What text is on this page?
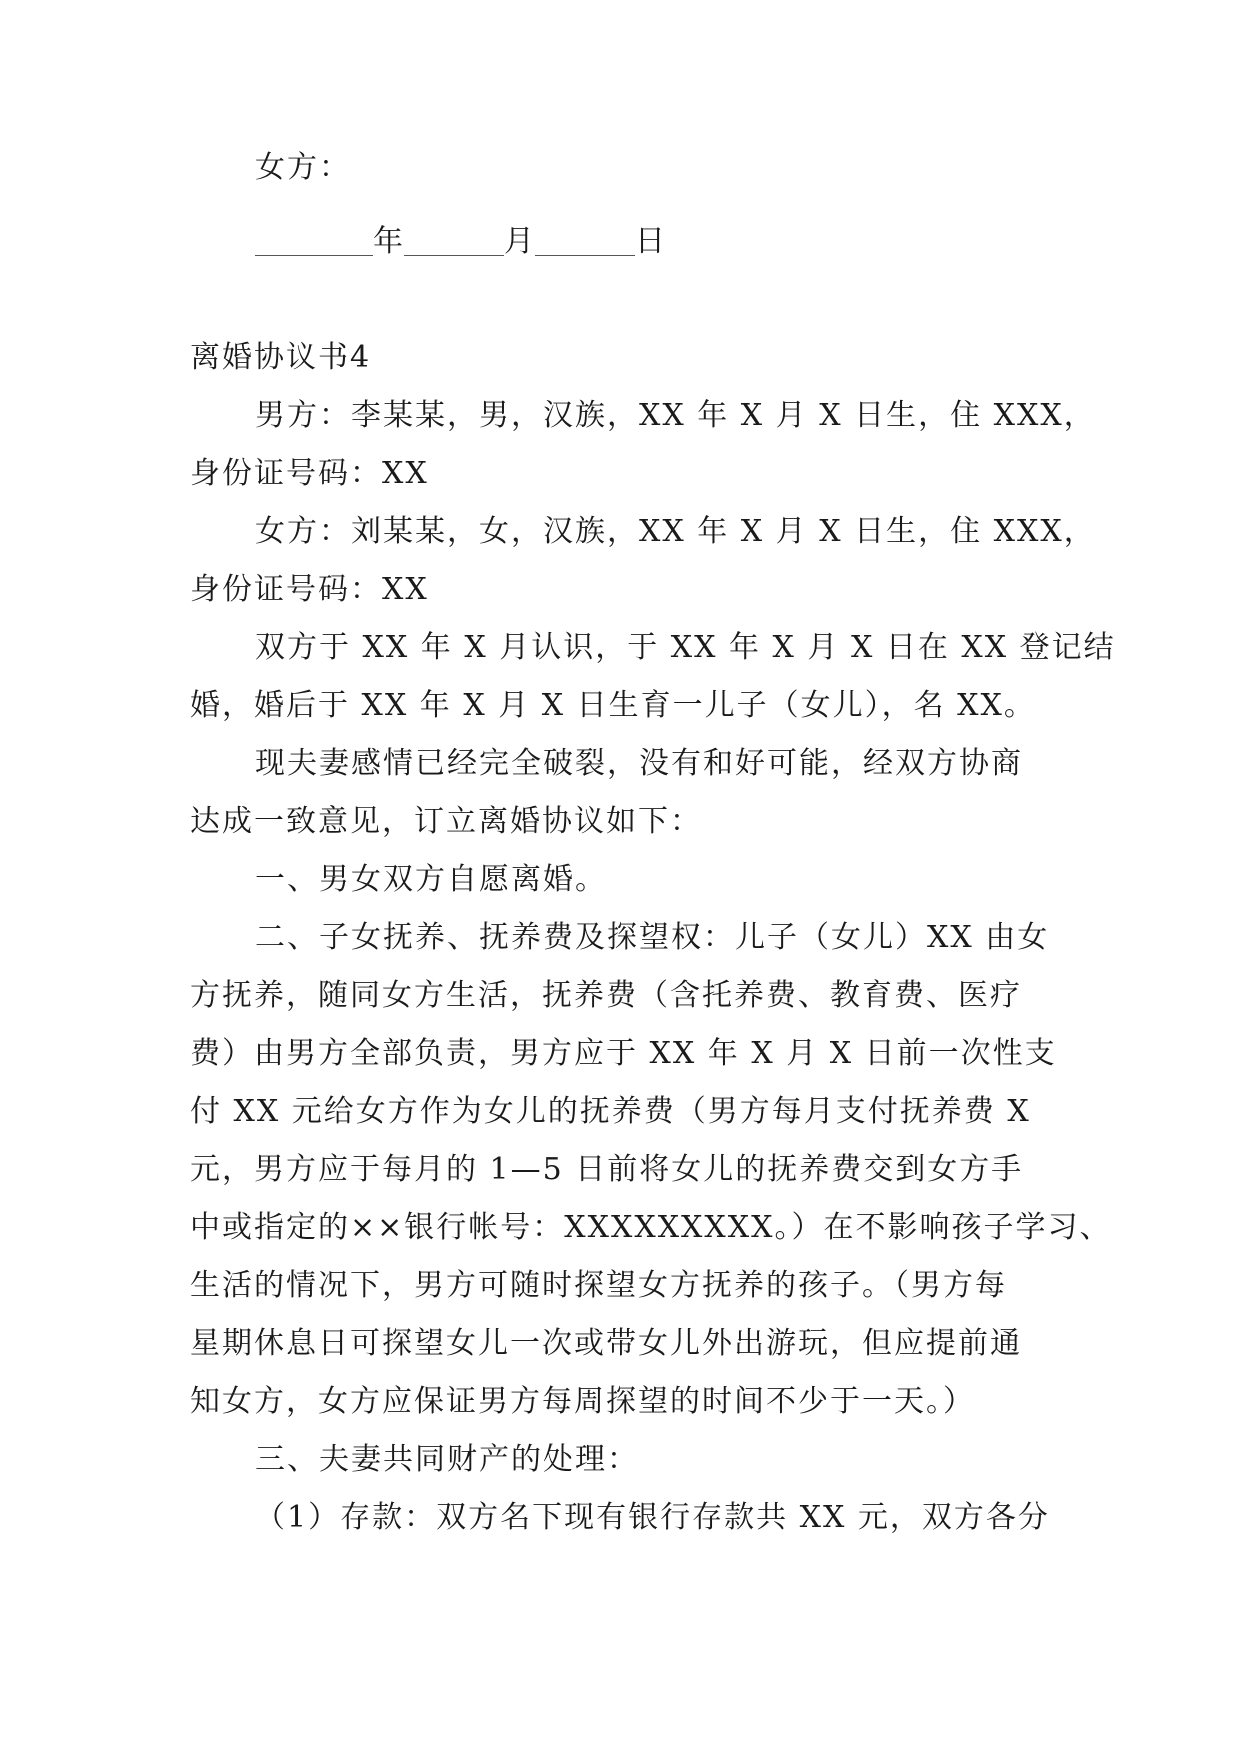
女方：
年	月	日
离婚协议书4
男方：李某某，男，汉族，XX 年 X 月 X 日生，住 XXX，
身份证号码：XX
女方：刘某某，女，汉族，XX 年 X 月 X 日生，住 XXX，
身份证号码：XX
双方于 XX 年 X 月认识，于 XX 年 X 月 X 日在 XX 登记结
婚，婚后于 XX 年 X 月 X 日生育一儿子（女儿），名 XX。
现夫妻感情已经完全破裂，没有和好可能，经双方协商
达成一致意见，订立离婚协议如下：
一、男女双方自愿离婚。
二、子女抚养、抚养费及探望权：儿子（女儿）XX 由女
方抚养，随同女方生活，抚养费（含托养费、教育费、医疗
费）由男方全部负责，男方应于 XX 年 X 月 X 日前一次性支
付 XX 元给女方作为女儿的抚养费（男方每月支付抚养费 X
元，男方应于每月的 1—5 日前将女儿的抚养费交到女方手
中或指定的××银行帐号：XXXXXXXXX。）在不影响孩子学习、
生活的情况下，男方可随时探望女方抚养的孩子。（男方每
星期休息日可探望女儿一次或带女儿外出游玩，但应提前通
知女方，女方应保证男方每周探望的时间不少于一天。）
三、夫妻共同财产的处理：
（1）存款：双方名下现有银行存款共 XX 元，双方各分
